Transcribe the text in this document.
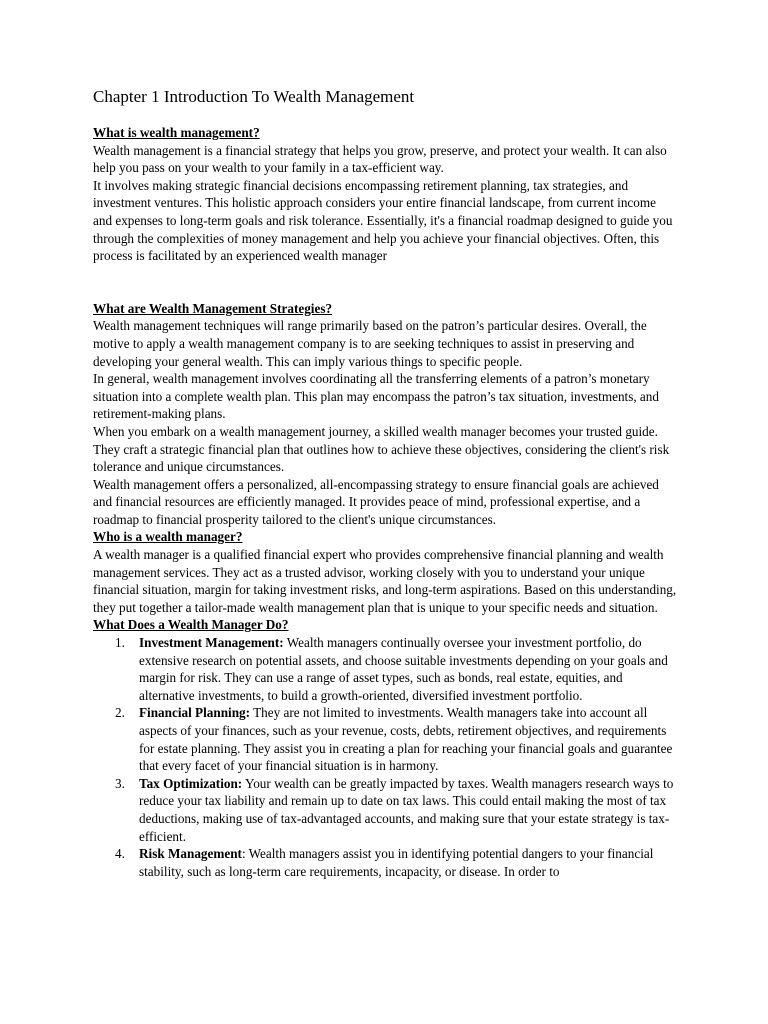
Chapter 1 Introduction To Wealth Management

What is wealth management?

Wealth management is a financial strategy that helps you grow, preserve, and protect your wealth. It can also help you pass on your wealth to your family in a tax-efficient way.

It involves making strategic financial decisions encompassing retirement planning, tax strategies, and investment ventures. This holistic approach considers your entire financial landscape, from current income and expenses to long-term goals and risk tolerance. Essentially, it's a financial roadmap designed to guide you through the complexities of money management and help you achieve your financial objectives. Often, this process is facilitated by an experienced wealth manager

What are Wealth Management Strategies?

Wealth management techniques will range primarily based on the patron’s particular desires. Overall, the motive to apply a wealth management company is to are seeking techniques to assist in preserving and developing your general wealth. This can imply various things to specific people.

In general, wealth management involves coordinating all the transferring elements of a patron’s monetary situation into a complete wealth plan. This plan may encompass the patron’s tax situation, investments, and retirement-making plans.

When you embark on a wealth management journey, a skilled wealth manager becomes your trusted guide. They craft a strategic financial plan that outlines how to achieve these objectives, considering the client's risk tolerance and unique circumstances.

Wealth management offers a personalized, all-encompassing strategy to ensure financial goals are achieved and financial resources are efficiently managed. It provides peace of mind, professional expertise, and a roadmap to financial prosperity tailored to the client's unique circumstances.

Who is a wealth manager?

A wealth manager is a qualified financial expert who provides comprehensive financial planning and wealth management services. They act as a trusted advisor, working closely with you to understand your unique financial situation, margin for taking investment risks, and long-term aspirations. Based on this understanding, they put together a tailor-made wealth management plan that is unique to your specific needs and situation.

What Does a Wealth Manager Do?

1. Investment Management: Wealth managers continually oversee your investment portfolio, do extensive research on potential assets, and choose suitable investments depending on your goals and margin for risk. They can use a range of asset types, such as bonds, real estate, equities, and alternative investments, to build a growth-oriented, diversified investment portfolio.
2. Financial Planning: They are not limited to investments. Wealth managers take into account all aspects of your finances, such as your revenue, costs, debts, retirement objectives, and requirements for estate planning. They assist you in creating a plan for reaching your financial goals and guarantee that every facet of your financial situation is in harmony.
3. Tax Optimization: Your wealth can be greatly impacted by taxes. Wealth managers research ways to reduce your tax liability and remain up to date on tax laws. This could entail making the most of tax deductions, making use of tax-advantaged accounts, and making sure that your estate strategy is tax-efficient.
4. Risk Management: Wealth managers assist you in identifying potential dangers to your financial stability, such as long-term care requirements, incapacity, or disease. In order to
